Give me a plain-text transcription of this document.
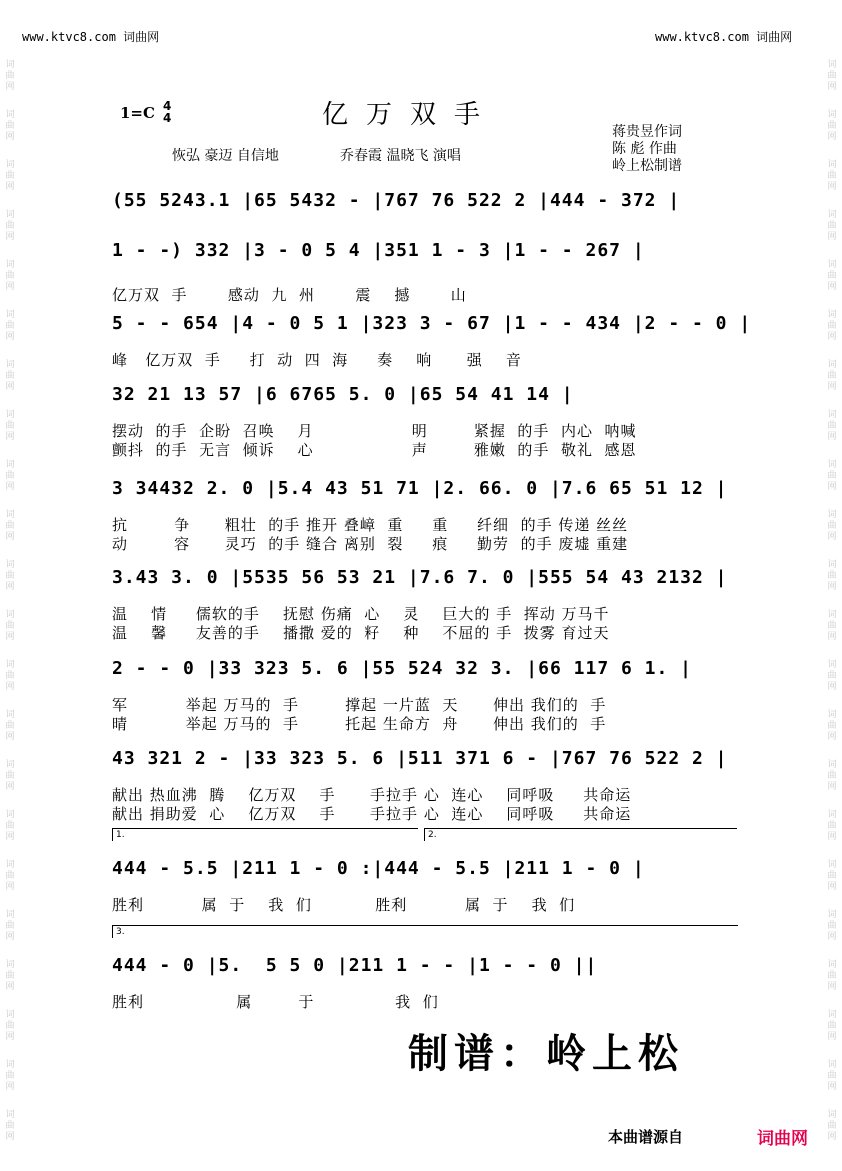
www.ktvc8.com 词曲网	www.ktvc8.com 词曲网
词
曲
网
词
曲
网
词
曲
网
词
曲
网
词
曲
网
词
曲
网
词
曲
网
词
曲
网
词
曲
网
词
曲
网
词
曲
网
词
曲
网
词
曲
网
词
曲
网
词
曲
网
词
曲
网
词
曲
网
词
曲
网
词
曲
网
词
曲
网
词
曲
网
词
曲
网
词
曲
网
词
曲
网
词
曲
网
词
曲
网
词
曲
网
词
曲
网
词
曲
网
词
曲
网
词
曲
网
词
曲
网
词
曲
网
词
曲
网
词
曲
网
词
曲
网
词
曲
网
词
曲
网
词
曲
网
词
曲
网
词
曲
网
词
曲
网
词
曲
网
词
曲
网
1=C 4
4	亿万双手
恢弘 豪迈 自信地	乔春霞 温晓飞 演唱
蒋贵昱作词
陈 彪 作曲
岭上松制谱
(55 5243.1 |65 5432 - |767 76 522 2 |444 - 372 |
1 - -) 332 |3 - 0 5 4 |351 1 - 3 |1 - - 267 |
亿万双  手       感动  九  州       震    撼       山
5 - - 654 |4 - 0 5 1 |323 3 - 67 |1 - - 434 |2 - - 0 |
峰   亿万双  手     打  动  四  海     奏    响      强    音
32 21 13 57 |6 6765 5. 0 |65 54 41 14 |
摆动  的手  企盼  召唤    月                 明        紧握  的手  内心  呐喊
颤抖  的手  无言  倾诉    心                 声        雅嫩  的手  敬礼  感恩
3 34432 2. 0 |5.4 43 51 71 |2. 66. 0 |7.6 65 51 12 |
抗        争      粗壮  的手 推开 叠嶂  重     重     纤细  的手 传递 丝丝
动        容      灵巧  的手 缝合 离别  裂     痕     勤劳  的手 废墟 重建
3.43 3. 0 |5535 56 53 21 |7.6 7. 0 |555 54 43 2132 |
温    情     儒软的手    抚慰 伤痛  心    灵    巨大的 手  挥动 万马千
温    馨     友善的手    播撒 爱的  籽    种    不屈的 手  拨雾 育过天
2 - - 0 |33 323 5. 6 |55 524 32 3. |66 117 6 1. |
军          举起 万马的  手        撑起 一片蓝  天      伸出 我们的  手
晴          举起 万马的  手        托起 生命方  舟      伸出 我们的  手
43 321 2 - |33 323 5. 6 |511 371 6 - |767 76 522 2 |
献出 热血沸  腾    亿万双    手      手拉手 心  连心    同呼吸     共命运
献出 捐助爱  心    亿万双    手      手拉手 心  连心    同呼吸     共命运
444 - 5.5 |211 1 - 0 :|444 - 5.5 |211 1 - 0 |
胜利          属  于    我  们           胜利          属  于    我  们
1.	2.
444 - 0 |5.  5 5 0 |211 1 - - |1 - - 0 ||
胜利                属        于              我  们
3.
制谱：岭上松
本曲谱源自	词曲网
